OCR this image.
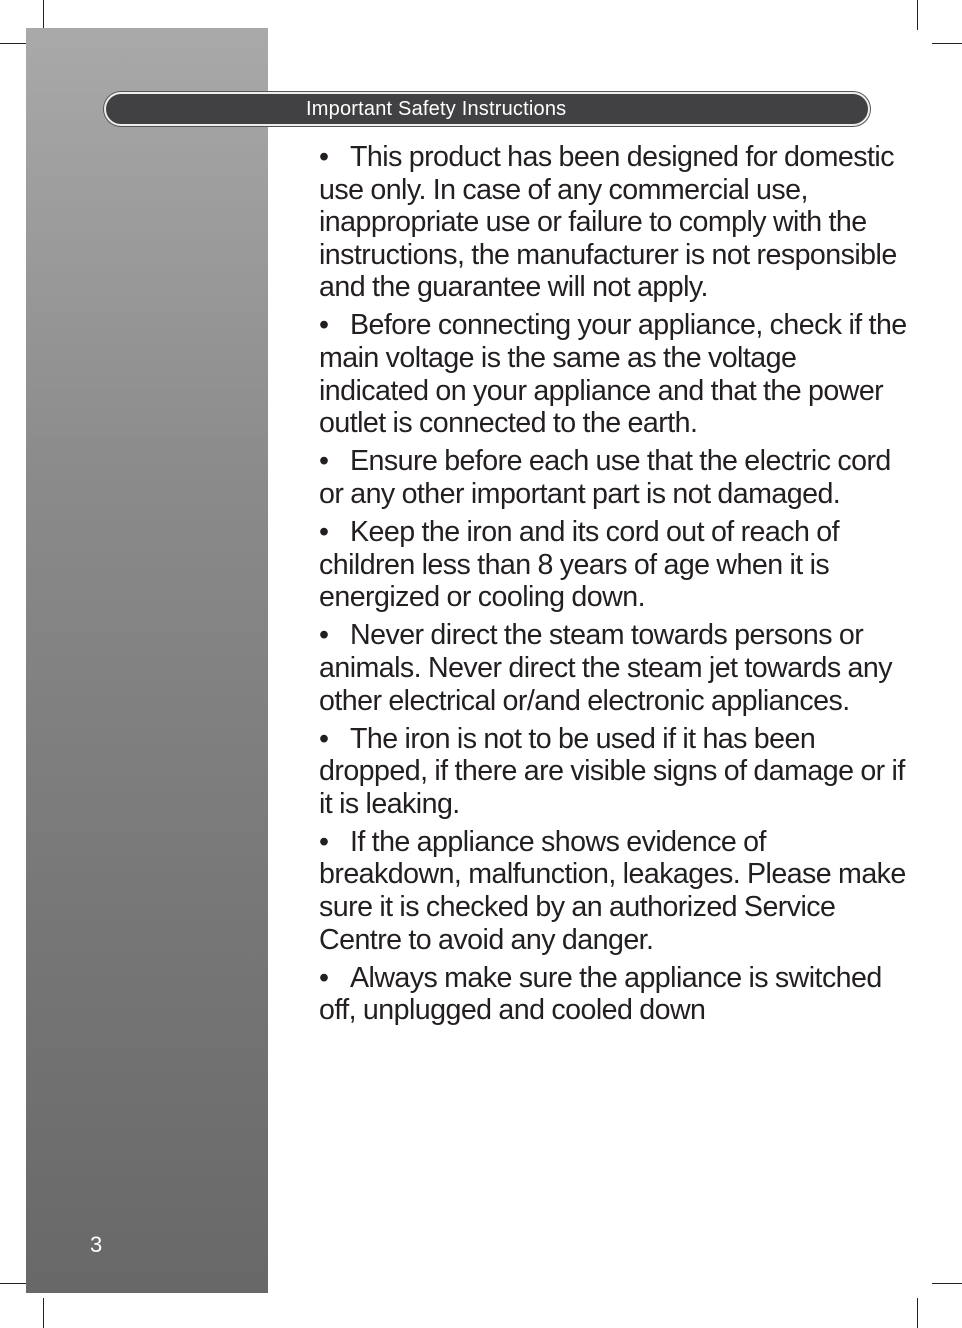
Important Safety Instructions
• This product has been designed for domestic use only. In case of any commercial use, inappropriate use or failure to comply with the instructions, the manufacturer is not responsible and the guarantee will not apply.
• Before connecting your appliance, check if the main voltage is the same as the voltage indicated on your appliance and that the power outlet is connected to the earth.
• Ensure before each use that the electric cord or any other important part is not damaged.
• Keep the iron and its cord out of reach of children less than 8 years of age when it is energized or cooling down.
• Never direct the steam towards persons or animals. Never direct the steam jet towards any other electrical or/and electronic appliances.
• The iron is not to be used if it has been dropped, if there are visible signs of damage or if it is leaking.
• If the appliance shows evidence of breakdown, malfunction, leakages. Please make sure it is checked by an authorized Service Centre to avoid any danger.
• Always make sure the appliance is switched off, unplugged and cooled down
3
